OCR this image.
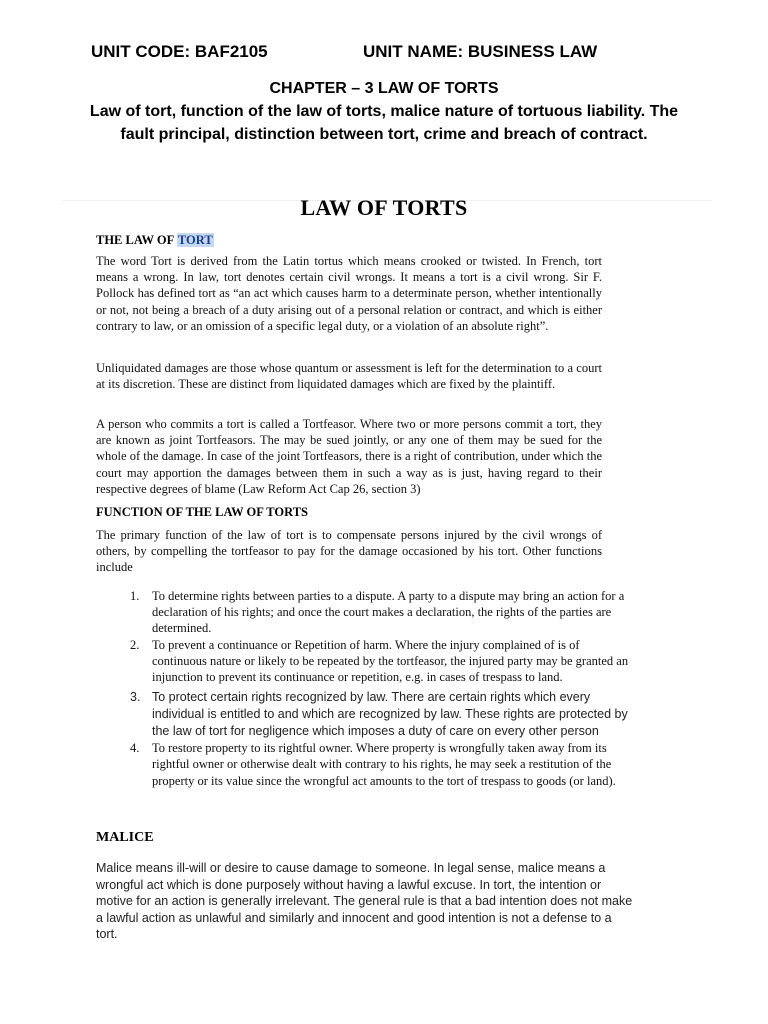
UNIT CODE: BAF2105	UNIT NAME: BUSINESS LAW
CHAPTER – 3 LAW OF TORTS
Law of tort, function of the law of torts, malice nature of tortuous liability. The fault principal, distinction between tort, crime and breach of contract.
LAW OF TORTS
THE LAW OF TORT
The word Tort is derived from the Latin tortus which means crooked or twisted. In French, tort means a wrong. In law, tort denotes certain civil wrongs. It means a tort is a civil wrong. Sir F. Pollock has defined tort as “an act which causes harm to a determinate person, whether intentionally or not, not being a breach of a duty arising out of a personal relation or contract, and which is either contrary to law, or an omission of a specific legal duty, or a violation of an absolute right”.
Unliquidated damages are those whose quantum or assessment is left for the determination to a court at its discretion. These are distinct from liquidated damages which are fixed by the plaintiff.
A person who commits a tort is called a Tortfeasor. Where two or more persons commit a tort, they are known as joint Tortfeasors. The may be sued jointly, or any one of them may be sued for the whole of the damage. In case of the joint Tortfeasors, there is a right of contribution, under which the court may apportion the damages between them in such a way as is just, having regard to their respective degrees of blame (Law Reform Act Cap 26, section 3)
FUNCTION OF THE LAW OF TORTS
The primary function of the law of tort is to compensate persons injured by the civil wrongs of others, by compelling the tortfeasor to pay for the damage occasioned by his tort. Other functions include
1. To determine rights between parties to a dispute. A party to a dispute may bring an action for a declaration of his rights; and once the court makes a declaration, the rights of the parties are determined.
2. To prevent a continuance or Repetition of harm. Where the injury complained of is of continuous nature or likely to be repeated by the tortfeasor, the injured party may be granted an injunction to prevent its continuance or repetition, e.g. in cases of trespass to land.
3. To protect certain rights recognized by law. There are certain rights which every individual is entitled to and which are recognized by law. These rights are protected by the law of tort for negligence which imposes a duty of care on every other person
4. To restore property to its rightful owner. Where property is wrongfully taken away from its rightful owner or otherwise dealt with contrary to his rights, he may seek a restitution of the property or its value since the wrongful act amounts to the tort of trespass to goods (or land).
MALICE
Malice means ill-will or desire to cause damage to someone. In legal sense, malice means a wrongful act which is done purposely without having a lawful excuse. In tort, the intention or motive for an action is generally irrelevant. The general rule is that a bad intention does not make a lawful action as unlawful and similarly and innocent and good intention is not a defense to a tort.
